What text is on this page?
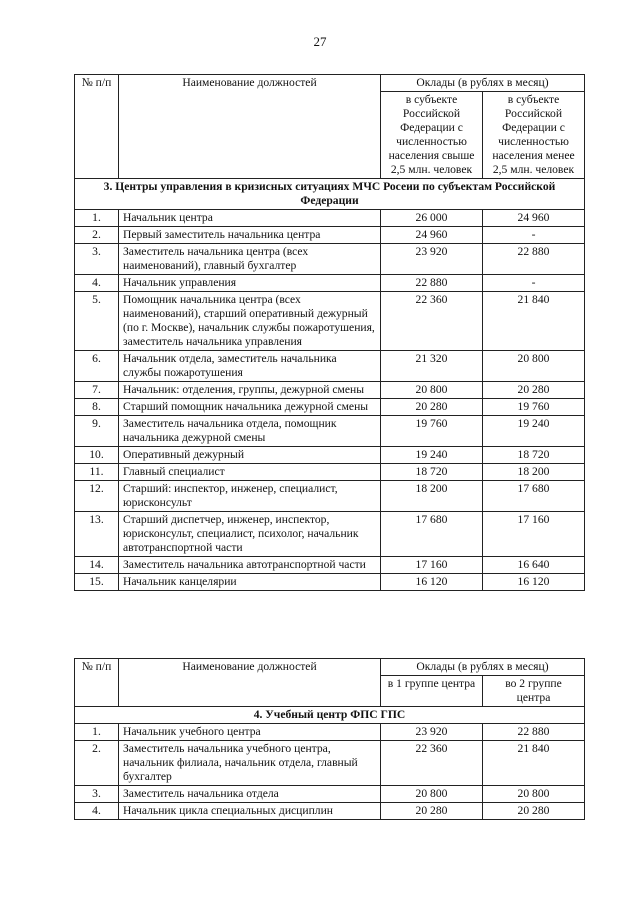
27
№ п/п	Наименование должностей	Оклады (в рублях в месяц)	
		в субъекте Российской Федерации с численностью населения свыше 2,5 млн. человек	в субъекте Российской Федерации с численностью населения менее 2,5 млн. человек
3. Центры управления в кризисных ситуациях МЧС Росеии по субъектам Российской Федерации			
1.	Начальник центра	26 000	24 960
2.	Первый заместитель начальника центра	24 960	-
3.	Заместитель начальника центра (всех наименований), главный бухгалтер	23 920	22 880
4.	Начальник управления	22 880	-
5.	Помощник начальника центра (всех наименований), старший оперативный дежурный (по г. Москве), начальник службы пожаротушения, заместитель начальника управления	22 360	21 840
6.	Начальник отдела, заместитель начальника службы пожаротушения	21 320	20 800
7.	Начальник: отделения, группы, дежурной смены	20 800	20 280
8.	Старший помощник начальника дежурной смены	20 280	19 760
9.	Заместитель начальника отдела, помощник начальника дежурной смены	19 760	19 240
10.	Оперативный дежурный	19 240	18 720
11.	Главный специалист	18 720	18 200
12.	Старший: инспектор, инженер, специалист, юрисконсульт	18 200	17 680
13.	Старший диспетчер, инженер, инспектор, юрисконсульт, специалист, психолог, начальник автотранспортной части	17 680	17 160
14.	Заместитель начальника автотранспортной части	17 160	16 640
15.	Начальник канцелярии	16 120	16 120
№ п/п	Наименование должностей	Оклады (в рублях в месяц)	
		в 1 группе центра	во 2 группе центра
4. Учебный центр ФПС ГПС			
1.	Начальник учебного центра	23 920	22 880
2.	Заместитель начальника учебного центра, начальник филиала, начальник отдела, главный бухгалтер	22 360	21 840
3.	Заместитель начальника отдела	20 800	20 800
4.	Начальник цикла специальных дисциплин	20 280	20 280
